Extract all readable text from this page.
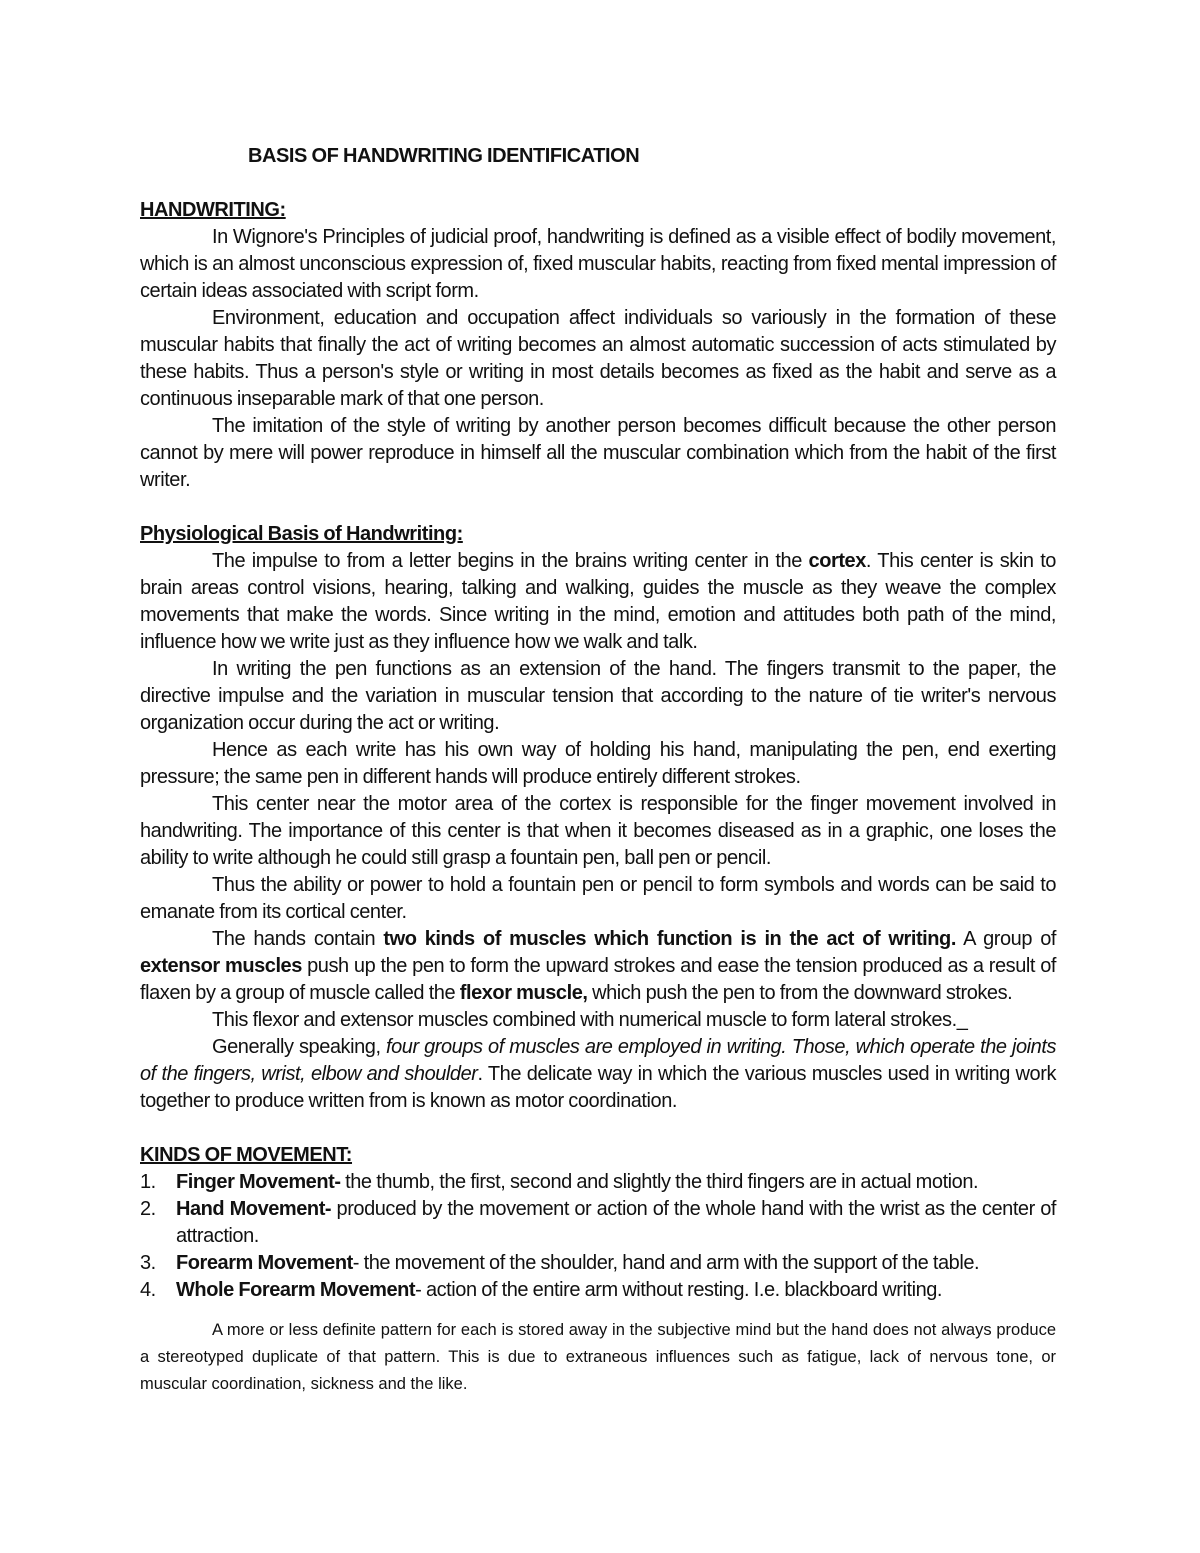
BASIS OF HANDWRITING IDENTIFICATION
HANDWRITING:

In Wignore's Principles of judicial proof, handwriting is defined as a visible effect of bodily movement, which is an almost unconscious expression of, fixed muscular habits, reacting from fixed mental impression of certain ideas associated with script form.

Environment, education and occupation affect individuals so variously in the formation of these muscular habits that finally the act of writing becomes an almost automatic succession of acts stimulated by these habits. Thus a person's style or writing in most details becomes as fixed as the habit and serve as a continuous inseparable mark of that one person.

The imitation of the style of writing by another person becomes difficult because the other person cannot by mere will power reproduce in himself all the muscular combination which from the habit of the first writer.

Physiological Basis of Handwriting:

The impulse to from a letter begins in the brains writing center in the cortex. This center is skin to brain areas control visions, hearing, talking and walking, guides the muscle as they weave the complex movements that make the words. Since writing in the mind, emotion and attitudes both path of the mind, influence how we write just as they influence how we walk and talk.

In writing the pen functions as an extension of the hand. The fingers transmit to the paper, the directive impulse and the variation in muscular tension that according to the nature of tie writer's nervous organization occur during the act or writing.

Hence as each write has his own way of holding his hand, manipulating the pen, end exerting pressure; the same pen in different hands will produce entirely different strokes.

This center near the motor area of the cortex is responsible for the finger movement involved in handwriting. The importance of this center is that when it becomes diseased as in a graphic, one loses the ability to write although he could still grasp a fountain pen, ball pen or pencil.

Thus the ability or power to hold a fountain pen or pencil to form symbols and words can be said to emanate from its cortical center.

The hands contain two kinds of muscles which function is in the act of writing. A group of extensor muscles push up the pen to form the upward strokes and ease the tension produced as a result of flaxen by a group of muscle called the flexor muscle, which push the pen to from the downward strokes.

This flexor and extensor muscles combined with numerical muscle to form lateral strokes._

Generally speaking, four groups of muscles are employed in writing. Those, which operate the joints of the fingers, wrist, elbow and shoulder. The delicate way in which the various muscles used in writing work together to produce written from is known as motor coordination.

KINDS OF MOVEMENT:
1. Finger Movement- the thumb, the first, second and slightly the third fingers are in actual motion.
2. Hand Movement- produced by the movement or action of the whole hand with the wrist as the center of attraction.
3. Forearm Movement- the movement of the shoulder, hand and arm with the support of the table.
4. Whole Forearm Movement- action of the entire arm without resting. I.e. blackboard writing.

A more or less definite pattern for each is stored away in the subjective mind but the hand does not always produce a stereotyped duplicate of that pattern. This is due to extraneous influences such as fatigue, lack of nervous tone, or muscular coordination, sickness and the like.
